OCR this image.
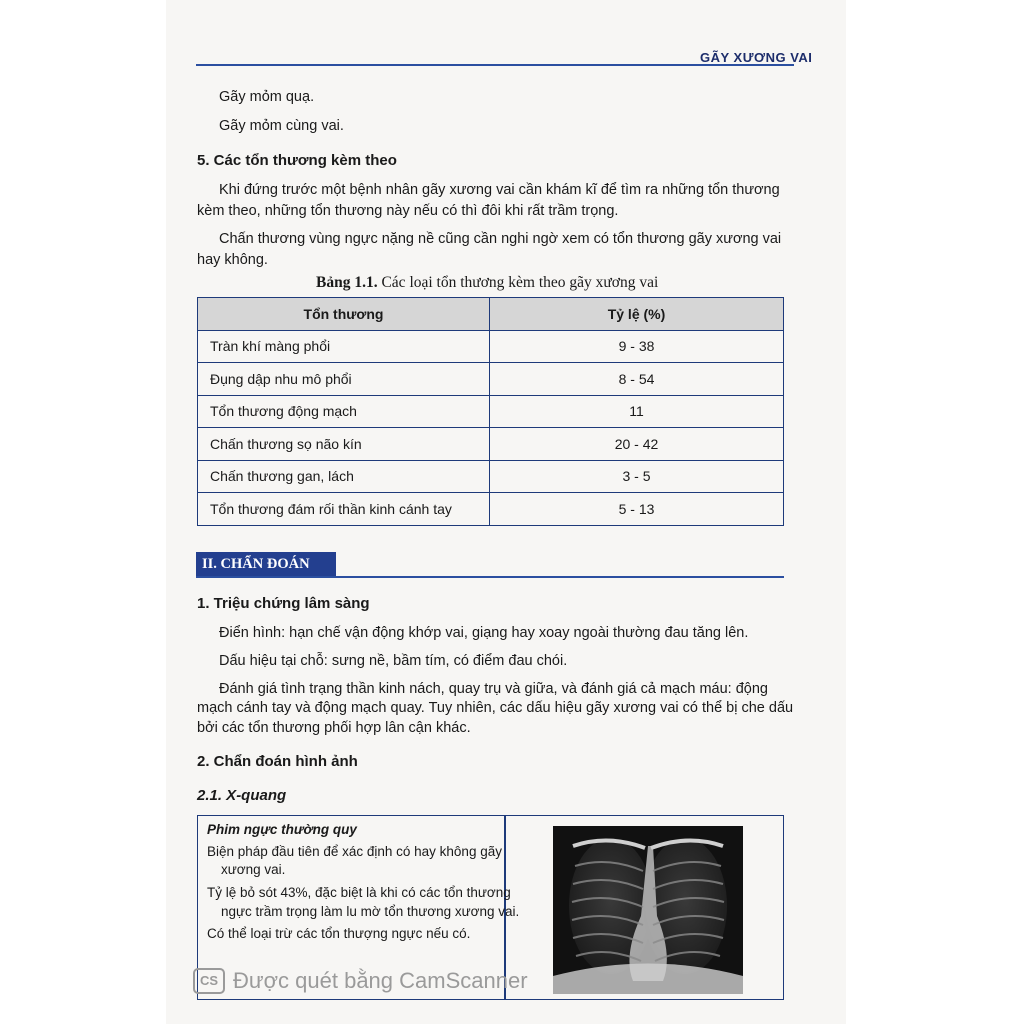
GÃY XƯƠNG VAI
Gãy mỏm quạ.
Gãy mỏm cùng vai.
5. Các tổn thương kèm theo
Khi đứng trước một bệnh nhân gãy xương vai cần khám kĩ để tìm ra những tổn thương
kèm theo, những tổn thương này nếu có thì đôi khi rất trầm trọng.
Chấn thương vùng ngực nặng nề cũng cần nghi ngờ xem có tổn thương gãy xương vai
hay không.
Bảng 1.1. Các loại tổn thương kèm theo gãy xương vai
Tổn thương	Tỷ lệ (%)
Tràn khí màng phổi	9 - 38
Đụng dập nhu mô phổi	8 - 54
Tổn thương động mạch	11
Chấn thương sọ não kín	20 - 42
Chấn thương gan, lách	3 - 5
Tổn thương đám rối thần kinh cánh tay	5 - 13
II. CHẨN ĐOÁN
1. Triệu chứng lâm sàng
Điển hình: hạn chế vận động khớp vai, giạng hay xoay ngoài thường đau tăng lên.
Dấu hiệu tại chỗ: sưng nề, bầm tím, có điểm đau chói.
Đánh giá tình trạng thần kinh nách, quay trụ và giữa, và đánh giá cả mạch máu: động
mạch cánh tay và động mạch quay. Tuy nhiên, các dấu hiệu gãy xương vai có thể bị che dấu
bởi các tổn thương phối hợp lân cận khác.
2. Chẩn đoán hình ảnh
2.1. X-quang
Phim ngực thường quy
Biện pháp đầu tiên để xác định có hay không gãy
xương vai.
Tỷ lệ bỏ sót 43%, đặc biệt là khi có các tổn thương
ngực trầm trọng làm lu mờ tổn thương xương vai.
Có thể loại trừ các tổn thượng ngực nếu có.
CS Được quét bằng CamScanner
